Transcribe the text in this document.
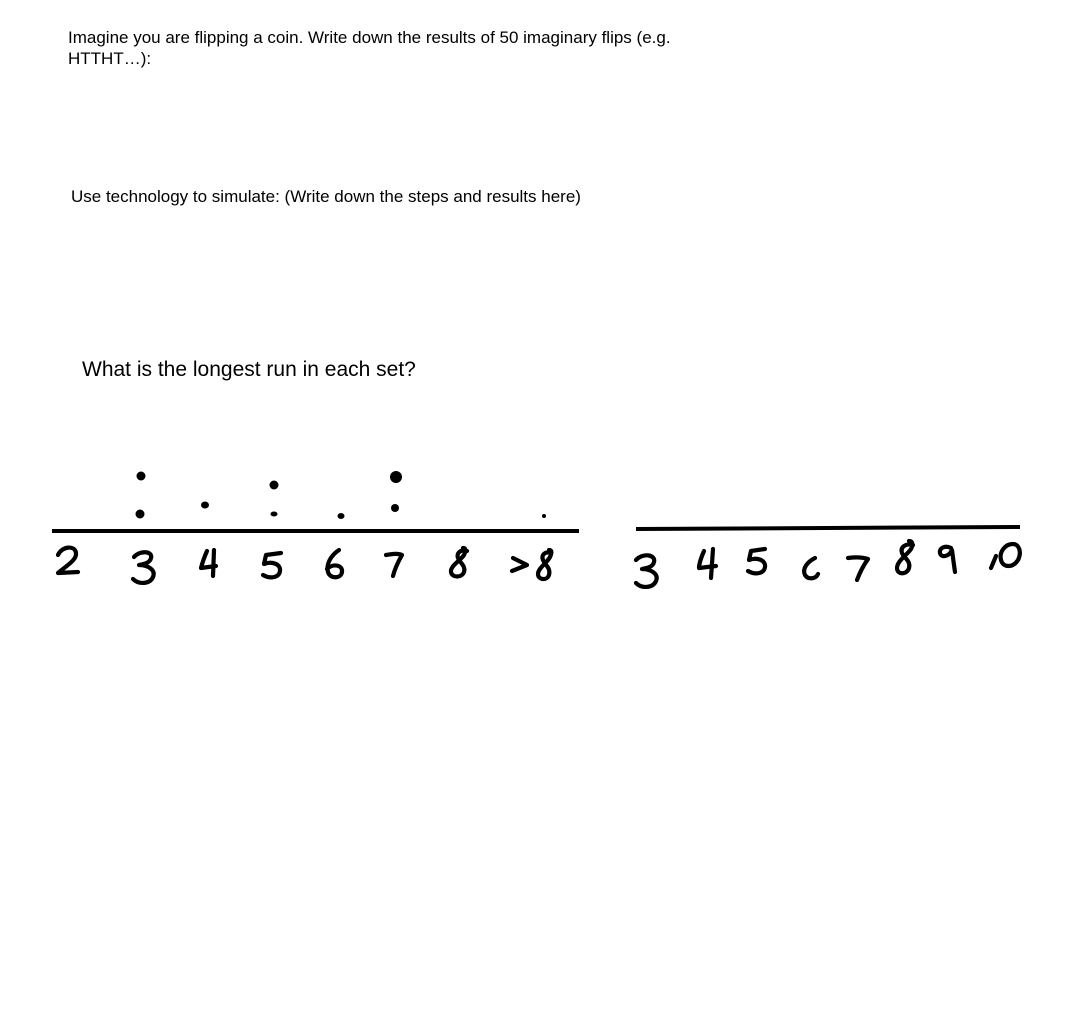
Imagine you are flipping a coin. Write down the results of 50 imaginary flips (e.g.
HTTHT…):

Use technology to simulate: (Write down the steps and results here)

What is the longest run in each set?
